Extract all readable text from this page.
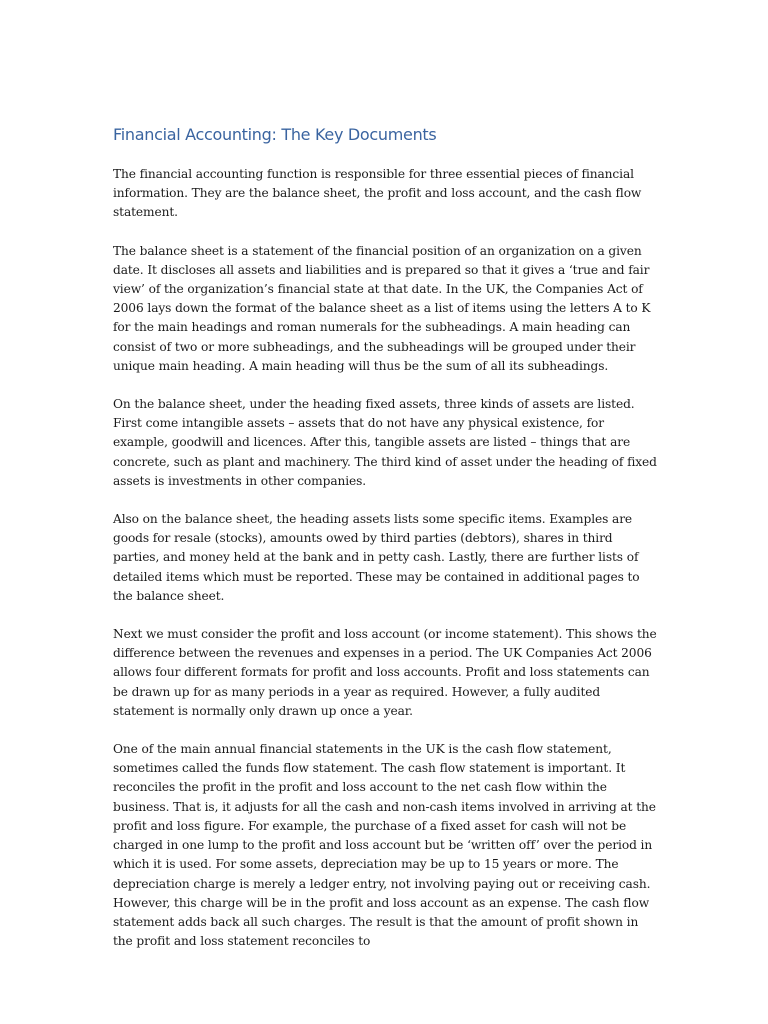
Financial Accounting: The Key Documents

The financial accounting function is responsible for three essential pieces of financial information. They are the balance sheet, the profit and loss account, and the cash flow statement.

The balance sheet is a statement of the financial position of an organization on a given date. It discloses all assets and liabilities and is prepared so that it gives a ‘true and fair view’ of the organization’s financial state at that date. In the UK, the Companies Act of 2006 lays down the format of the balance sheet as a list of items using the letters A to K for the main headings and roman numerals for the subheadings. A main heading can consist of two or more subheadings, and the subheadings will be grouped under their unique main heading. A main heading will thus be the sum of all its subheadings.

On the balance sheet, under the heading fixed assets, three kinds of assets are listed. First come intangible assets – assets that do not have any physical existence, for example, goodwill and licences. After this, tangible assets are listed – things that are concrete, such as plant and machinery. The third kind of asset under the heading of fixed assets is investments in other companies.

Also on the balance sheet, the heading assets lists some specific items. Examples are goods for resale (stocks), amounts owed by third parties (debtors), shares in third parties, and money held at the bank and in petty cash. Lastly, there are further lists of detailed items which must be reported. These may be contained in additional pages to the balance sheet.

Next we must consider the profit and loss account (or income statement). This shows the difference between the revenues and expenses in a period. The UK Companies Act 2006 allows four different formats for profit and loss accounts. Profit and loss statements can be drawn up for as many periods in a year as required. However, a fully audited statement is normally only drawn up once a year.

One of the main annual financial statements in the UK is the cash flow statement, sometimes called the funds flow statement. The cash flow statement is important. It reconciles the profit in the profit and loss account to the net cash flow within the business. That is, it adjusts for all the cash and non-cash items involved in arriving at the profit and loss figure. For example, the purchase of a fixed asset for cash will not be charged in one lump to the profit and loss account but be ‘written off’ over the period in which it is used. For some assets, depreciation may be up to 15 years or more. The depreciation charge is merely a ledger entry, not involving paying out or receiving cash. However, this charge will be in the profit and loss account as an expense. The cash flow statement adds back all such charges. The result is that the amount of profit shown in the profit and loss statement reconciles to
